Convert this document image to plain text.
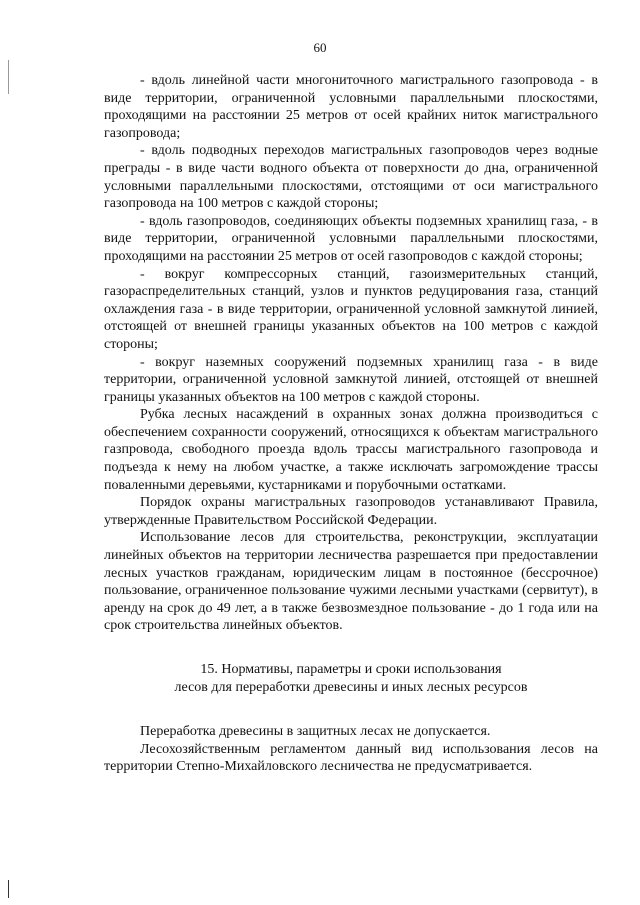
60

- вдоль линейной части многониточного магистрального газопровода - в виде территории, ограниченной условными параллельными плоскостями, проходящими на расстоянии 25 метров от осей крайних ниток магистрального газопровода;

- вдоль подводных переходов магистральных газопроводов через водные преграды - в виде части водного объекта от поверхности до дна, ограниченной условными параллельными плоскостями, отстоящими от оси магистрального газопровода на 100 метров с каждой стороны;

- вдоль газопроводов, соединяющих объекты подземных хранилищ газа, - в виде территории, ограниченной условными параллельными плоскостями, проходящими на расстоянии 25 метров от осей газопроводов с каждой стороны;

- вокруг компрессорных станций, газоизмерительных станций, газораспределительных станций, узлов и пунктов редуцирования газа, станций охлаждения газа - в виде территории, ограниченной условной замкнутой линией, отстоящей от внешней границы указанных объектов на 100 метров с каждой стороны;

- вокруг наземных сооружений подземных хранилищ газа - в виде территории, ограниченной условной замкнутой линией, отстоящей от внешней границы указанных объектов на 100 метров с каждой стороны.

Рубка лесных насаждений в охранных зонах должна производиться с обеспечением сохранности сооружений, относящихся к объектам магистрального газпровода, свободного проезда вдоль трассы магистрального газопровода и подъезда к нему на любом участке, а также исключать загромождение трассы поваленными деревьями, кустарниками и порубочными остатками.

Порядок охраны магистральных газопроводов устанавливают Правила, утвержденные Правительством Российской Федерации.

Использование лесов для строительства, реконструкции, эксплуатации линейных объектов на территории лесничества разрешается при предоставлении лесных участков гражданам, юридическим лицам в постоянное (бессрочное) пользование, ограниченное пользование чужими лесными участками (сервитут), в аренду на срок до 49 лет, а в также безвозмездное пользование - до 1 года или на срок строительства линейных объектов.

15. Нормативы, параметры и сроки использования
лесов для переработки древесины и иных лесных ресурсов

Переработка древесины в защитных лесах не допускается.

Лесохозяйственным регламентом данный вид использования лесов на территории Степно-Михайловского лесничества не предусматривается.
